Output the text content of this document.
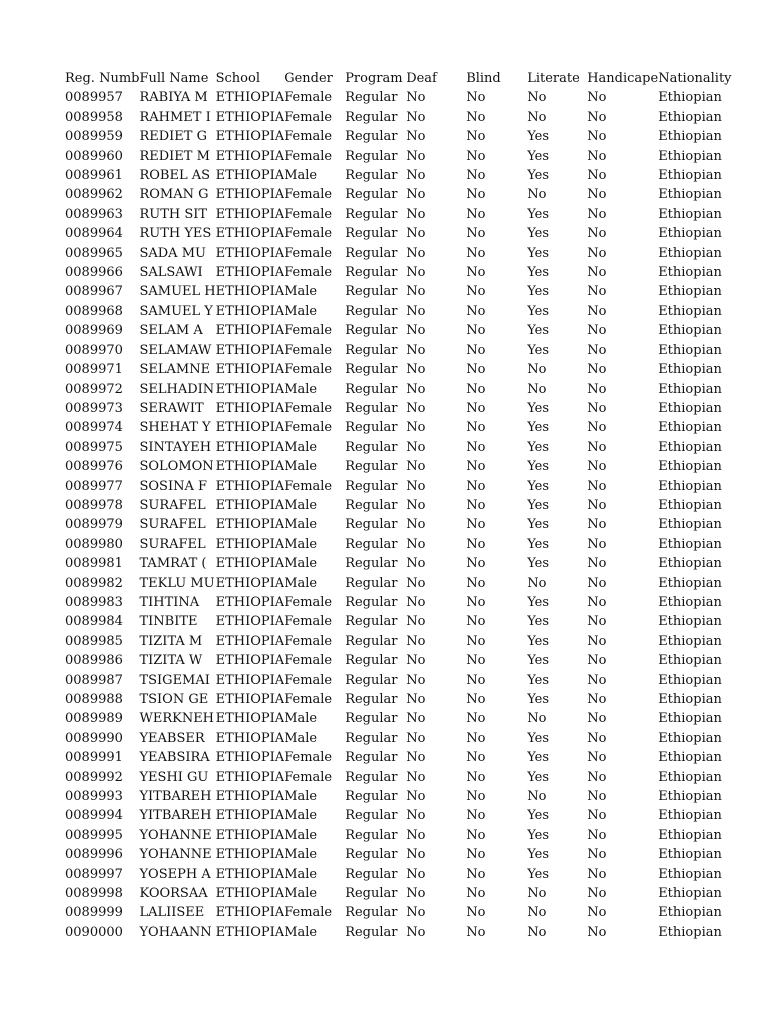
Reg. Numb	Full Name	School	Gender	Program	Deaf	Blind	Literate	Handicape	Nationality
0089957	RABIYA M	ETHIOPIA	Female	Regular	No	No	No	No	Ethiopian
0089958	RAHMET I	ETHIOPIA	Female	Regular	No	No	No	No	Ethiopian
0089959	REDIET G	ETHIOPIA	Female	Regular	No	No	Yes	No	Ethiopian
0089960	REDIET M	ETHIOPIA	Female	Regular	No	No	Yes	No	Ethiopian
0089961	ROBEL AS	ETHIOPIA	Male	Regular	No	No	Yes	No	Ethiopian
0089962	ROMAN G	ETHIOPIA	Female	Regular	No	No	No	No	Ethiopian
0089963	RUTH SIT	ETHIOPIA	Female	Regular	No	No	Yes	No	Ethiopian
0089964	RUTH YES	ETHIOPIA	Female	Regular	No	No	Yes	No	Ethiopian
0089965	SADA MU	ETHIOPIA	Female	Regular	No	No	Yes	No	Ethiopian
0089966	SALSAWI	ETHIOPIA	Female	Regular	No	No	Yes	No	Ethiopian
0089967	SAMUEL H	ETHIOPIA	Male	Regular	No	No	Yes	No	Ethiopian
0089968	SAMUEL Y	ETHIOPIA	Male	Regular	No	No	Yes	No	Ethiopian
0089969	SELAM A	ETHIOPIA	Female	Regular	No	No	Yes	No	Ethiopian
0089970	SELAMAW	ETHIOPIA	Female	Regular	No	No	Yes	No	Ethiopian
0089971	SELAMNE	ETHIOPIA	Female	Regular	No	No	No	No	Ethiopian
0089972	SELHADIN	ETHIOPIA	Male	Regular	No	No	No	No	Ethiopian
0089973	SERAWIT	ETHIOPIA	Female	Regular	No	No	Yes	No	Ethiopian
0089974	SHEHAT Y	ETHIOPIA	Female	Regular	No	No	Yes	No	Ethiopian
0089975	SINTAYEH	ETHIOPIA	Male	Regular	No	No	Yes	No	Ethiopian
0089976	SOLOMON	ETHIOPIA	Male	Regular	No	No	Yes	No	Ethiopian
0089977	SOSINA F	ETHIOPIA	Female	Regular	No	No	Yes	No	Ethiopian
0089978	SURAFEL	ETHIOPIA	Male	Regular	No	No	Yes	No	Ethiopian
0089979	SURAFEL	ETHIOPIA	Male	Regular	No	No	Yes	No	Ethiopian
0089980	SURAFEL	ETHIOPIA	Male	Regular	No	No	Yes	No	Ethiopian
0089981	TAMRAT (	ETHIOPIA	Male	Regular	No	No	Yes	No	Ethiopian
0089982	TEKLU MU	ETHIOPIA	Male	Regular	No	No	No	No	Ethiopian
0089983	TIHTINA	ETHIOPIA	Female	Regular	No	No	Yes	No	Ethiopian
0089984	TINBITE	ETHIOPIA	Female	Regular	No	No	Yes	No	Ethiopian
0089985	TIZITA M	ETHIOPIA	Female	Regular	No	No	Yes	No	Ethiopian
0089986	TIZITA W	ETHIOPIA	Female	Regular	No	No	Yes	No	Ethiopian
0089987	TSIGEMAI	ETHIOPIA	Female	Regular	No	No	Yes	No	Ethiopian
0089988	TSION GE	ETHIOPIA	Female	Regular	No	No	Yes	No	Ethiopian
0089989	WERKNEH	ETHIOPIA	Male	Regular	No	No	No	No	Ethiopian
0089990	YEABSER	ETHIOPIA	Male	Regular	No	No	Yes	No	Ethiopian
0089991	YEABSIRA	ETHIOPIA	Female	Regular	No	No	Yes	No	Ethiopian
0089992	YESHI GU	ETHIOPIA	Female	Regular	No	No	Yes	No	Ethiopian
0089993	YITBAREH	ETHIOPIA	Male	Regular	No	No	No	No	Ethiopian
0089994	YITBAREH	ETHIOPIA	Male	Regular	No	No	Yes	No	Ethiopian
0089995	YOHANNE	ETHIOPIA	Male	Regular	No	No	Yes	No	Ethiopian
0089996	YOHANNE	ETHIOPIA	Male	Regular	No	No	Yes	No	Ethiopian
0089997	YOSEPH A	ETHIOPIA	Male	Regular	No	No	Yes	No	Ethiopian
0089998	KOORSAA	ETHIOPIA	Male	Regular	No	No	No	No	Ethiopian
0089999	LALIISEE	ETHIOPIA	Female	Regular	No	No	No	No	Ethiopian
0090000	YOHAANN	ETHIOPIA	Male	Regular	No	No	No	No	Ethiopian
